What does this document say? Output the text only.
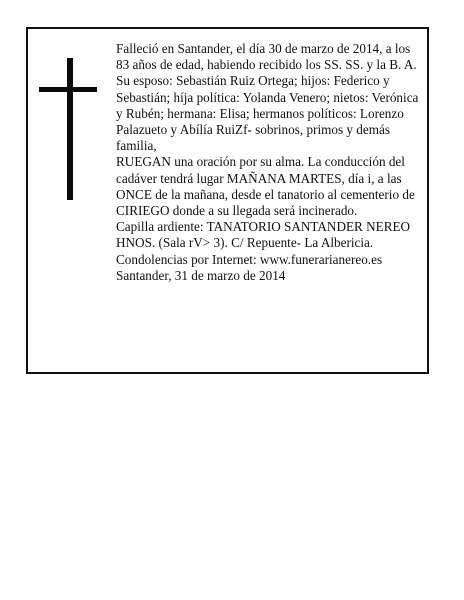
Falleció en Santander, el día 30 de marzo de 2014, a los 83 años de edad, habiendo recibido los SS. SS. y la B. A.

Su esposo: Sebastián Ruiz Ortega; hijos: Federico y Sebastián; híja política: Yolanda Venero; nietos: Verónica y Rubén; hermana: Elisa; hermanos políticos: Lorenzo Palazueto y Abílía RuiZf- sobrinos, primos y demás familia,

RUEGAN una oración por su alma. La conducción del cadáver tendrá lugar MAÑANA MARTES, día i, a las ONCE de la mañana, desde el tanatorio al cementerio de CIRIEGO donde a su llegada será incinerado.

Capilla ardiente: TANATORIO SANTANDER NEREO HNOS. (Sala rV> 3). C/ Repuente- La Albericia.

Condolencias por Internet: www.funerarianereo.es

Santander, 31 de marzo de 2014
